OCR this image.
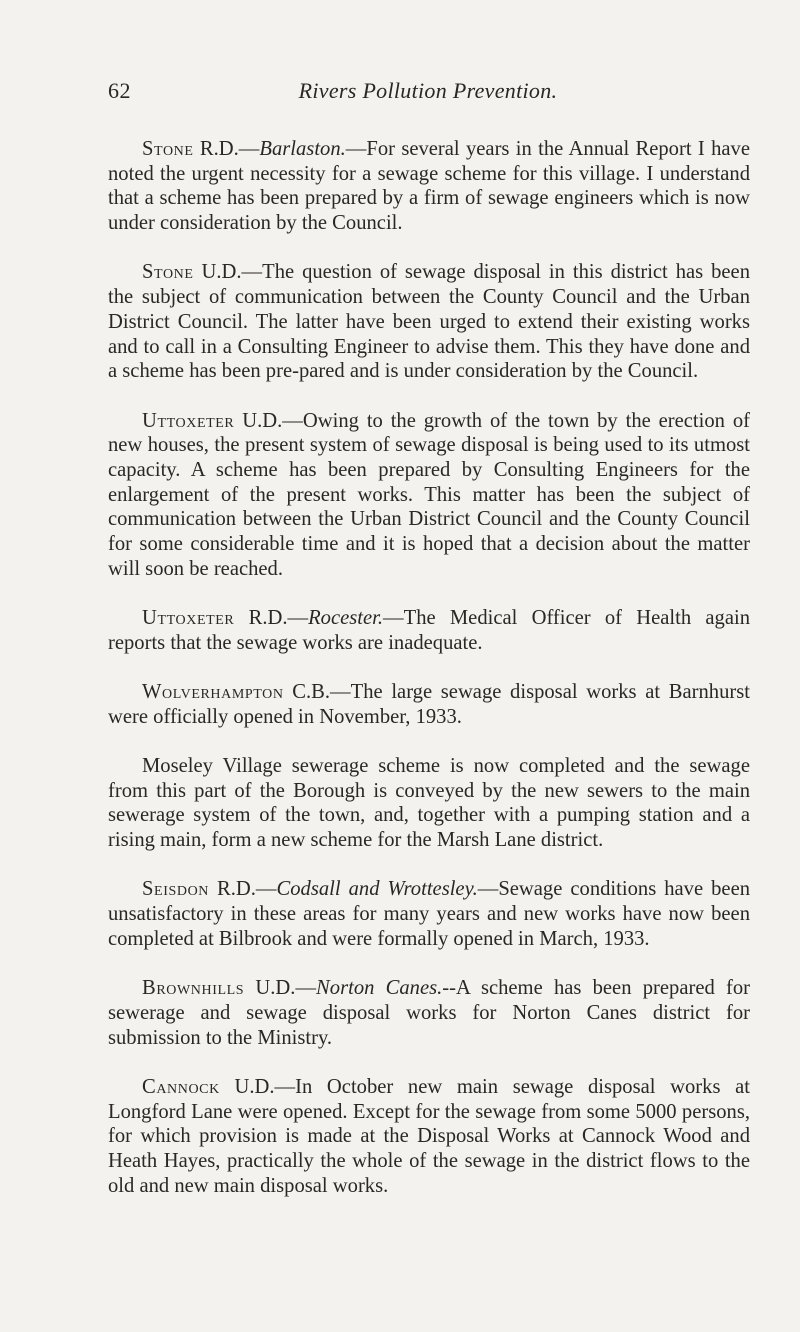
62	Rivers Pollution Prevention.

Stone R.D.—Barlaston.—For several years in the Annual Report I have noted the urgent necessity for a sewage scheme for this village. I understand that a scheme has been prepared by a firm of sewage engineers which is now under consideration by the Council.

Stone U.D.—The question of sewage disposal in this district has been the subject of communication between the County Council and the Urban District Council. The latter have been urged to extend their existing works and to call in a Consulting Engineer to advise them. This they have done and a scheme has been pre-pared and is under consideration by the Council.

Uttoxeter U.D.—Owing to the growth of the town by the erection of new houses, the present system of sewage disposal is being used to its utmost capacity. A scheme has been prepared by Consulting Engineers for the enlargement of the present works. This matter has been the subject of communication between the Urban District Council and the County Council for some considerable time and it is hoped that a decision about the matter will soon be reached.

Uttoxeter R.D.—Rocester.—The Medical Officer of Health again reports that the sewage works are inadequate.

Wolverhampton C.B.—The large sewage disposal works at Barnhurst were officially opened in November, 1933.

Moseley Village sewerage scheme is now completed and the sewage from this part of the Borough is conveyed by the new sewers to the main sewerage system of the town, and, together with a pumping station and a rising main, form a new scheme for the Marsh Lane district.

Seisdon R.D.—Codsall and Wrottesley.—Sewage conditions have been unsatisfactory in these areas for many years and new works have now been completed at Bilbrook and were formally opened in March, 1933.

Brownhills U.D.—Norton Canes.--A scheme has been prepared for sewerage and sewage disposal works for Norton Canes district for submission to the Ministry.

Cannock U.D.—In October new main sewage disposal works at Longford Lane were opened. Except for the sewage from some 5000 persons, for which provision is made at the Disposal Works at Cannock Wood and Heath Hayes, practically the whole of the sewage in the district flows to the old and new main disposal works.
